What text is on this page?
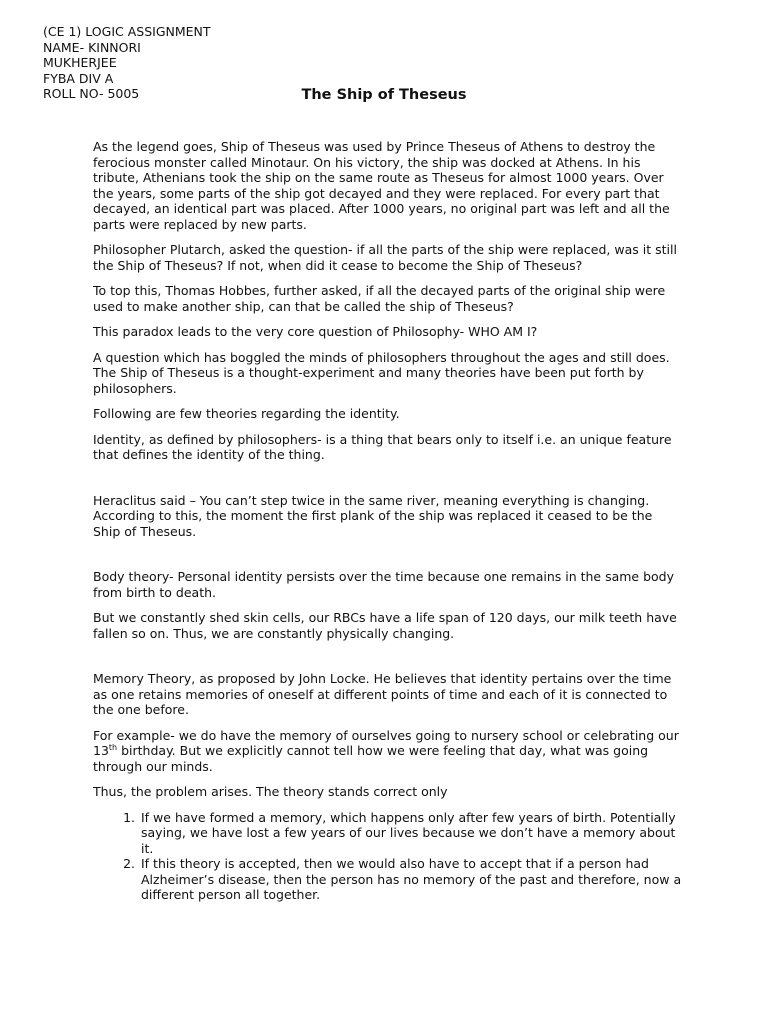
(CE 1) LOGIC ASSIGNMENT
NAME- KINNORI
MUKHERJEE
FYBA DIV A
ROLL NO- 5005	The Ship of Theseus

As the legend goes, Ship of Theseus was used by Prince Theseus of Athens to destroy the ferocious monster called Minotaur. On his victory, the ship was docked at Athens. In his tribute, Athenians took the ship on the same route as Theseus for almost 1000 years. Over the years, some parts of the ship got decayed and they were replaced. For every part that decayed, an identical part was placed. After 1000 years, no original part was left and all the parts were replaced by new parts.

Philosopher Plutarch, asked the question- if all the parts of the ship were replaced, was it still the Ship of Theseus? If not, when did it cease to become the Ship of Theseus?

To top this, Thomas Hobbes, further asked, if all the decayed parts of the original ship were used to make another ship, can that be called the ship of Theseus?

This paradox leads to the very core question of Philosophy- WHO AM I?

A question which has boggled the minds of philosophers throughout the ages and still does. The Ship of Theseus is a thought-experiment and many theories have been put forth by philosophers.

Following are few theories regarding the identity.

Identity, as defined by philosophers- is a thing that bears only to itself i.e. an unique feature that defines the identity of the thing.

Heraclitus said – You can’t step twice in the same river, meaning everything is changing. According to this, the moment the first plank of the ship was replaced it ceased to be the Ship of Theseus.

Body theory- Personal identity persists over the time because one remains in the same body from birth to death.

But we constantly shed skin cells, our RBCs have a life span of 120 days, our milk teeth have fallen so on. Thus, we are constantly physically changing.

Memory Theory, as proposed by John Locke. He believes that identity pertains over the time as one retains memories of oneself at different points of time and each of it is connected to the one before.

For example- we do have the memory of ourselves going to nursery school or celebrating our 13th birthday. But we explicitly cannot tell how we were feeling that day, what was going through our minds.

Thus, the problem arises. The theory stands correct only

1. If we have formed a memory, which happens only after few years of birth. Potentially saying, we have lost a few years of our lives because we don’t have a memory about it.
2. If this theory is accepted, then we would also have to accept that if a person had Alzheimer’s disease, then the person has no memory of the past and therefore, now a different person all together.
